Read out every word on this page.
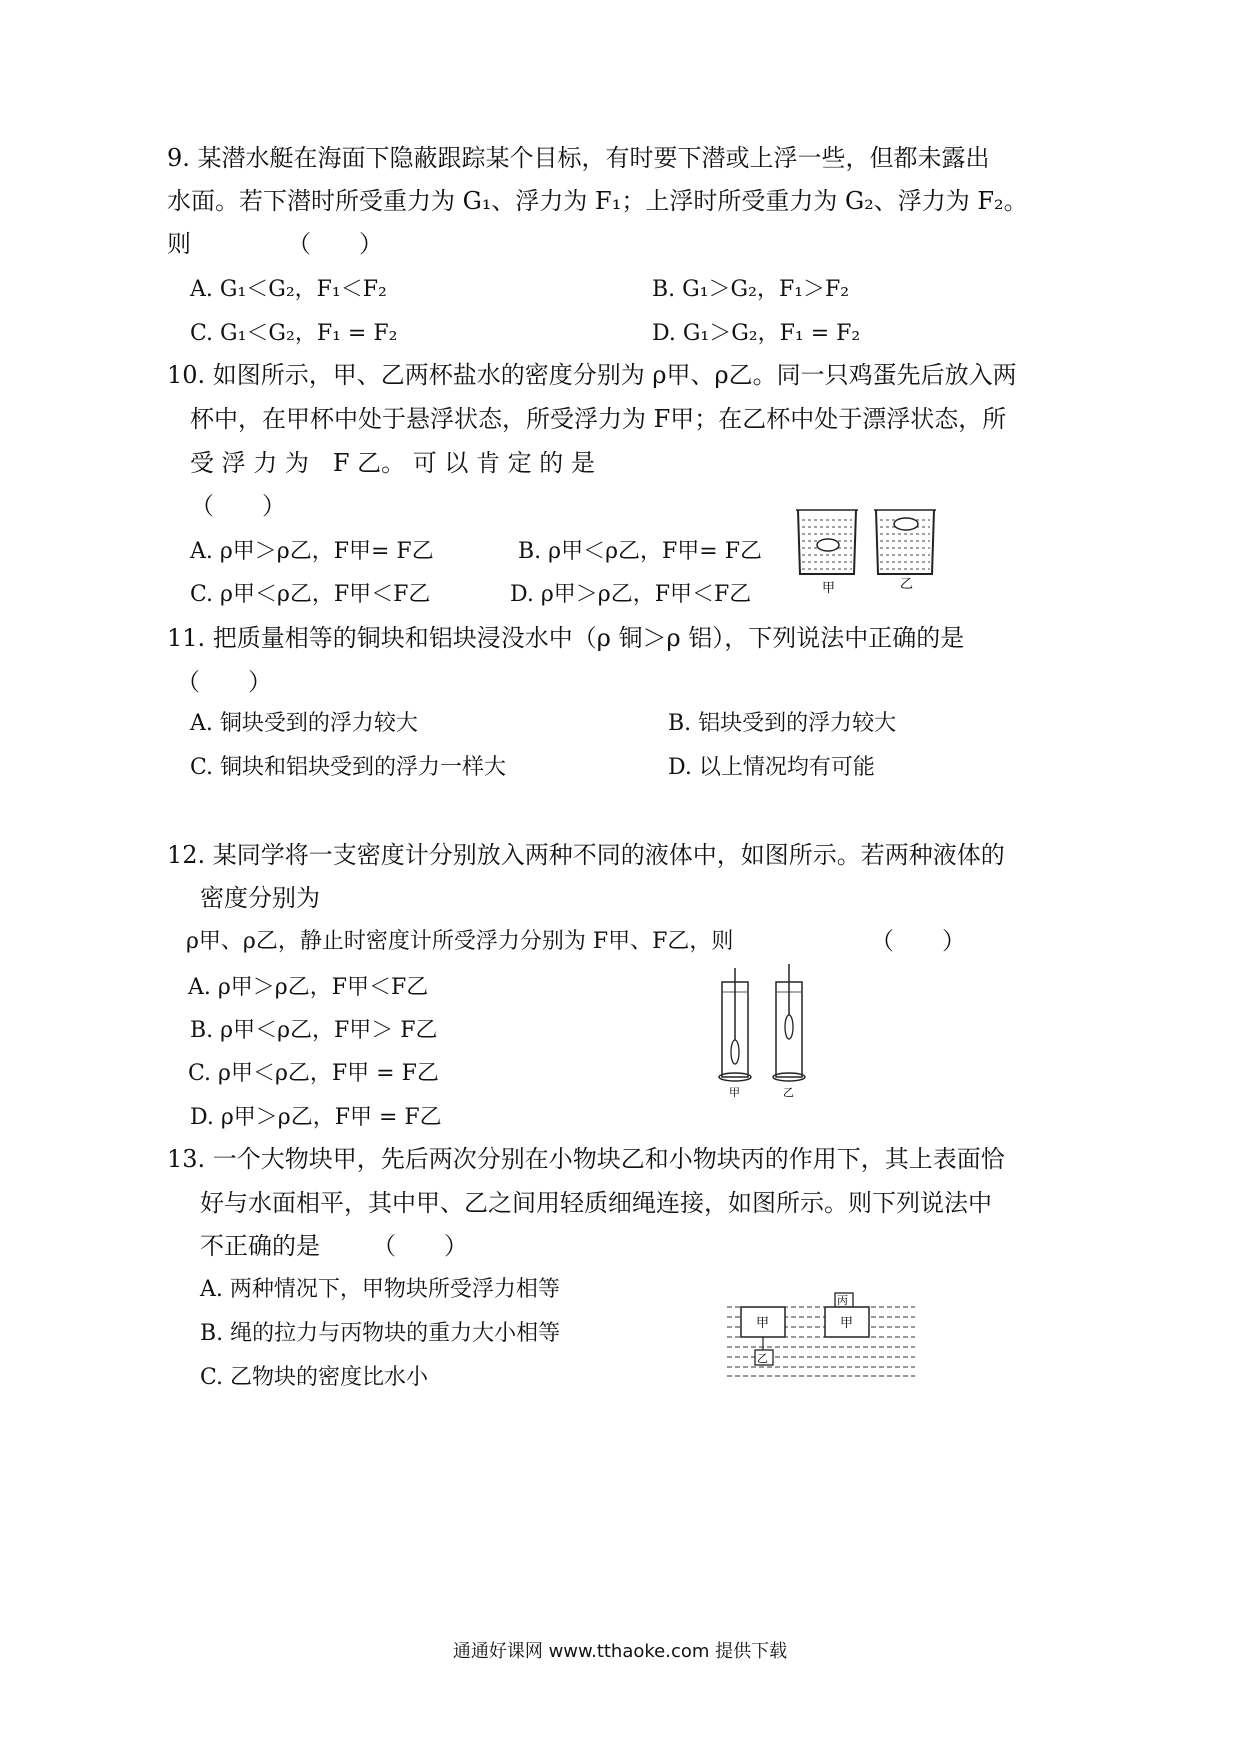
9. 某潜水艇在海面下隐蔽跟踪某个目标，有时要下潜或上浮一些，但都未露出
水面。若下潜时所受重力为 G₁、浮力为 F₁；上浮时所受重力为 G₂、浮力为 F₂。
则	（　　）
A. G₁＜G₂，F₁＜F₂	B. G₁＞G₂，F₁＞F₂
C. G₁＜G₂，F₁ = F₂	D. G₁＞G₂，F₁ = F₂
10. 如图所示，甲、乙两杯盐水的密度分别为 ρ甲、ρ乙。同一只鸡蛋先后放入两
杯中，在甲杯中处于悬浮状态，所受浮力为 F甲；在乙杯中处于漂浮状态，所
受 浮 力 为　F 乙。 可 以 肯 定 的 是
（　　）
A. ρ甲＞ρ乙，F甲= F乙	B. ρ甲＜ρ乙，F甲= F乙
C. ρ甲＜ρ乙，F甲＜F乙	D. ρ甲＞ρ乙，F甲＜F乙	甲	乙
11. 把质量相等的铜块和铝块浸没水中（ρ 铜＞ρ 铝），下列说法中正确的是
（　　）
A. 铜块受到的浮力较大	B. 铝块受到的浮力较大
C. 铜块和铝块受到的浮力一样大	D. 以上情况均有可能
12. 某同学将一支密度计分别放入两种不同的液体中，如图所示。若两种液体的
密度分别为
ρ甲、ρ乙，静止时密度计所受浮力分别为 F甲、F乙，则	（　　）
A. ρ甲＞ρ乙，F甲＜F乙
B. ρ甲＜ρ乙，F甲＞ F乙
C. ρ甲＜ρ乙，F甲 = F乙
D. ρ甲＞ρ乙，F甲 = F乙
甲	乙
13. 一个大物块甲，先后两次分别在小物块乙和小物块丙的作用下，其上表面恰
好与水面相平，其中甲、乙之间用轻质细绳连接，如图所示。则下列说法中
不正确的是 （　　）
A. 两种情况下，甲物块所受浮力相等
B. 绳的拉力与丙物块的重力大小相等
C. 乙物块的密度比水小
甲
乙
丙
甲
通通好课网 www.tthaoke.com 提供下载
